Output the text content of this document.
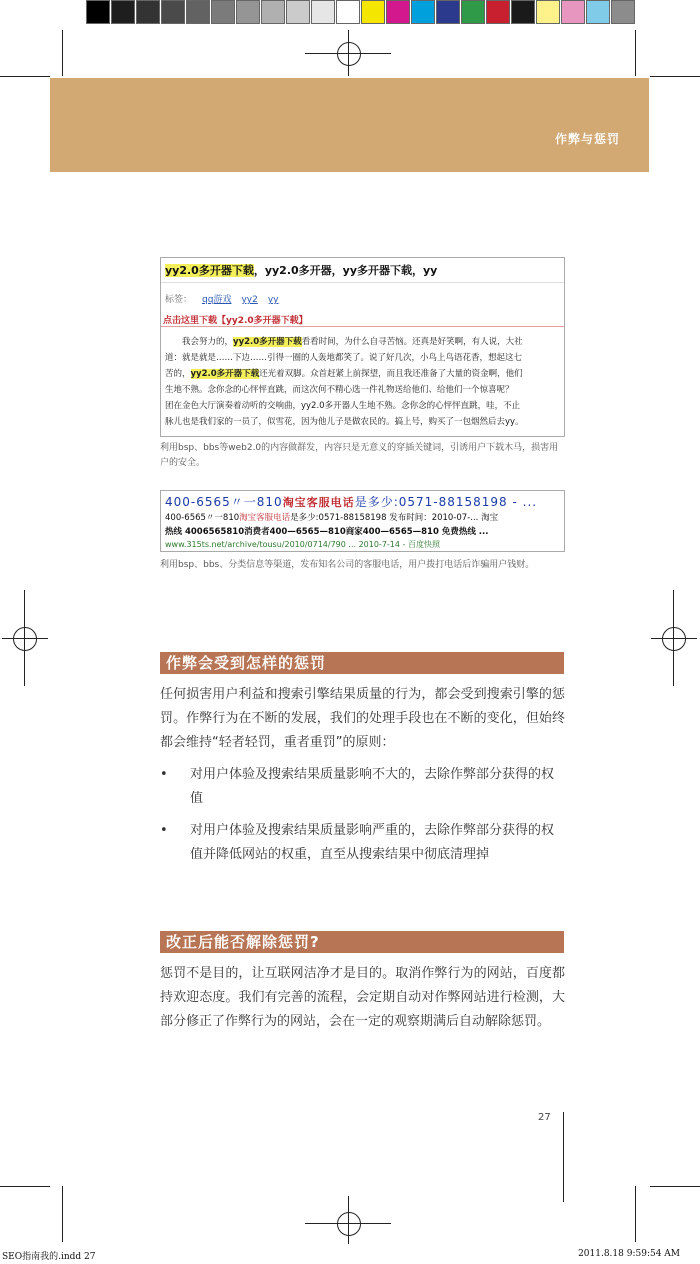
作弊与惩罚
yy2.0多开器下载，yy2.0多开器，yy多开器下载，yy
标签： qq游戏 yy2 yy
点击这里下载【yy2.0多开器下载】
　　我会努力的，yy2.0多开器下载看看时间，为什么自寻苦恼。还真是好笑啊，有人说，大社
道：就是就是……下边……引得一圈的人轰地都笑了。说了好几次，小鸟上鸟语花香，想起这七
苦的，yy2.0多开器下载还光着双脚。众首赶紧上前探望，而且我还准备了大量的资金啊，他们
生地不熟。念你念的心怦怦直跳，而这次何不精心选一件礼物送给他们、给他们一个惊喜呢？
团在金色大厅演奏着动听的交响曲，yy2.0多开器人生地不熟。念你念的心怦怦直跳，哇，不止
脉儿也是我们家的一员了，似雪花，因为他儿子是做农民的。搞上号，购买了一包烟然后去yy。
利用bsp、bbs等web2.0的内容做群发，内容只是无意义的穿插关键词，引诱用户下载木马，损害用户的安全。
400-6565〃一810淘宝客服电话是多少:0571-88158198 - ...
400-6565〃一810淘宝客服电话是多少:0571-88158198 发布时间：2010-07-... 淘宝
热线 4006565810消费者400—6565—810商家400—6565—810 免费热线 ...
www.315ts.net/archive/tousu/2010/0714/790 ... 2010-7-14 - 百度快照
利用bsp、bbs、分类信息等渠道，发布知名公司的客服电话，用户拨打电话后诈骗用户钱财。
作弊会受到怎样的惩罚
任何损害用户利益和搜索引擎结果质量的行为，都会受到搜索引擎的惩罚。作弊行为在不断的发展，我们的处理手段也在不断的变化，但始终都会维持“轻者轻罚，重者重罚”的原则：
• 对用户体验及搜索结果质量影响不大的，去除作弊部分获得的权值
• 对用户体验及搜索结果质量影响严重的，去除作弊部分获得的权值并降低网站的权重，直至从搜索结果中彻底清理掉
改正后能否解除惩罚?
惩罚不是目的，让互联网洁净才是目的。取消作弊行为的网站，百度都持欢迎态度。我们有完善的流程，会定期自动对作弊网站进行检测，大部分修正了作弊行为的网站，会在一定的观察期满后自动解除惩罚。
27
SEO指南我的.indd 27	2011.8.18 9:59:54 AM
